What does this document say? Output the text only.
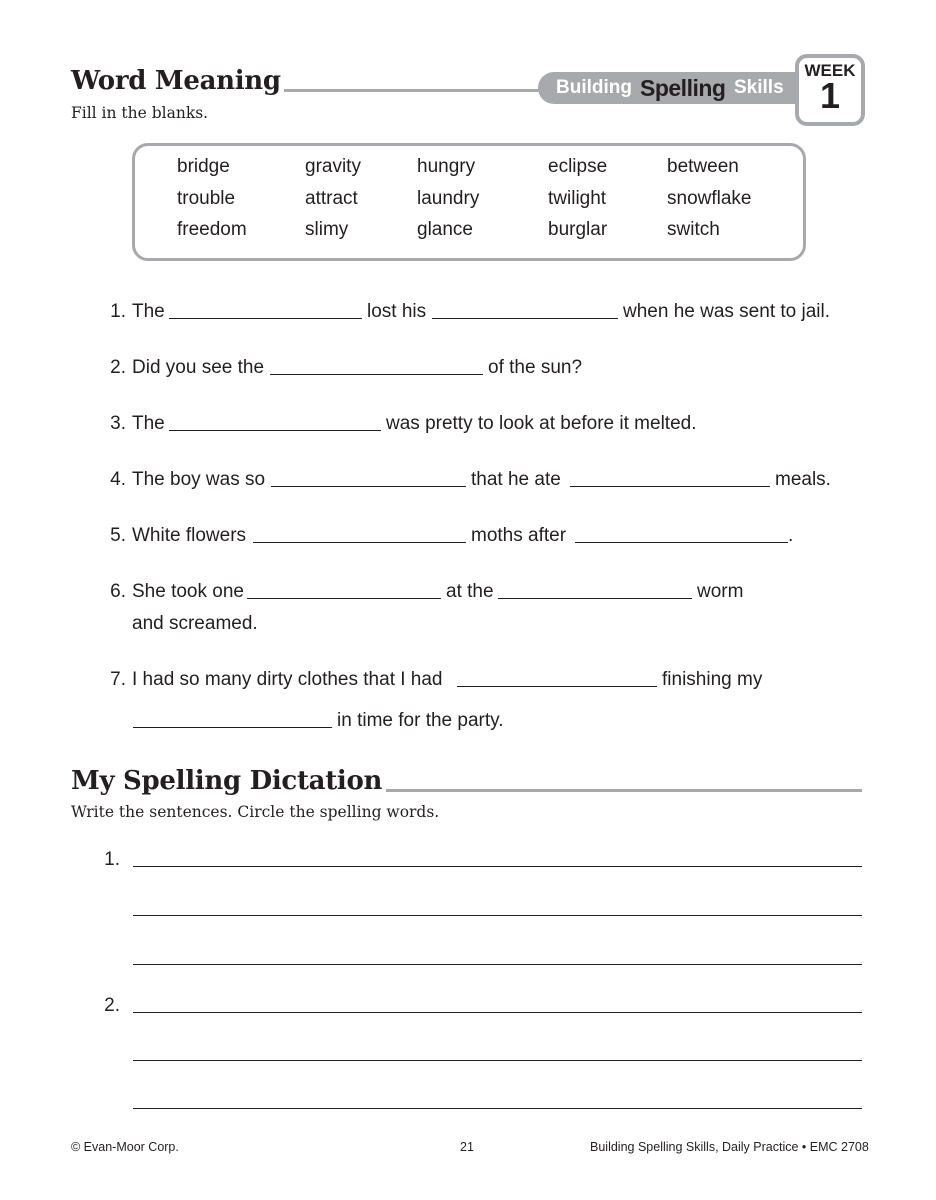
Word Meaning
Fill in the blanks.
Building Spelling Skills
WEEK
1
bridge	gravity	hungry	eclipse	between
trouble	attract	laundry	twilight	snowflake
freedom	slimy	glance	burglar	switch
1. The	lost his	when he was sent to jail.
2. Did you see the	of the sun?
3. The	was pretty to look at before it melted.
4. The boy was so	that he ate	meals.
5. White flowers	moths after	.
6. She took one	at the	worm
and screamed.
7. I had so many dirty clothes that I had	finishing my
in time for the party.
My Spelling Dictation
Write the sentences. Circle the spelling words.
1.
2.
© Evan-Moor Corp.	21	Building Spelling Skills, Daily Practice • EMC 2708
